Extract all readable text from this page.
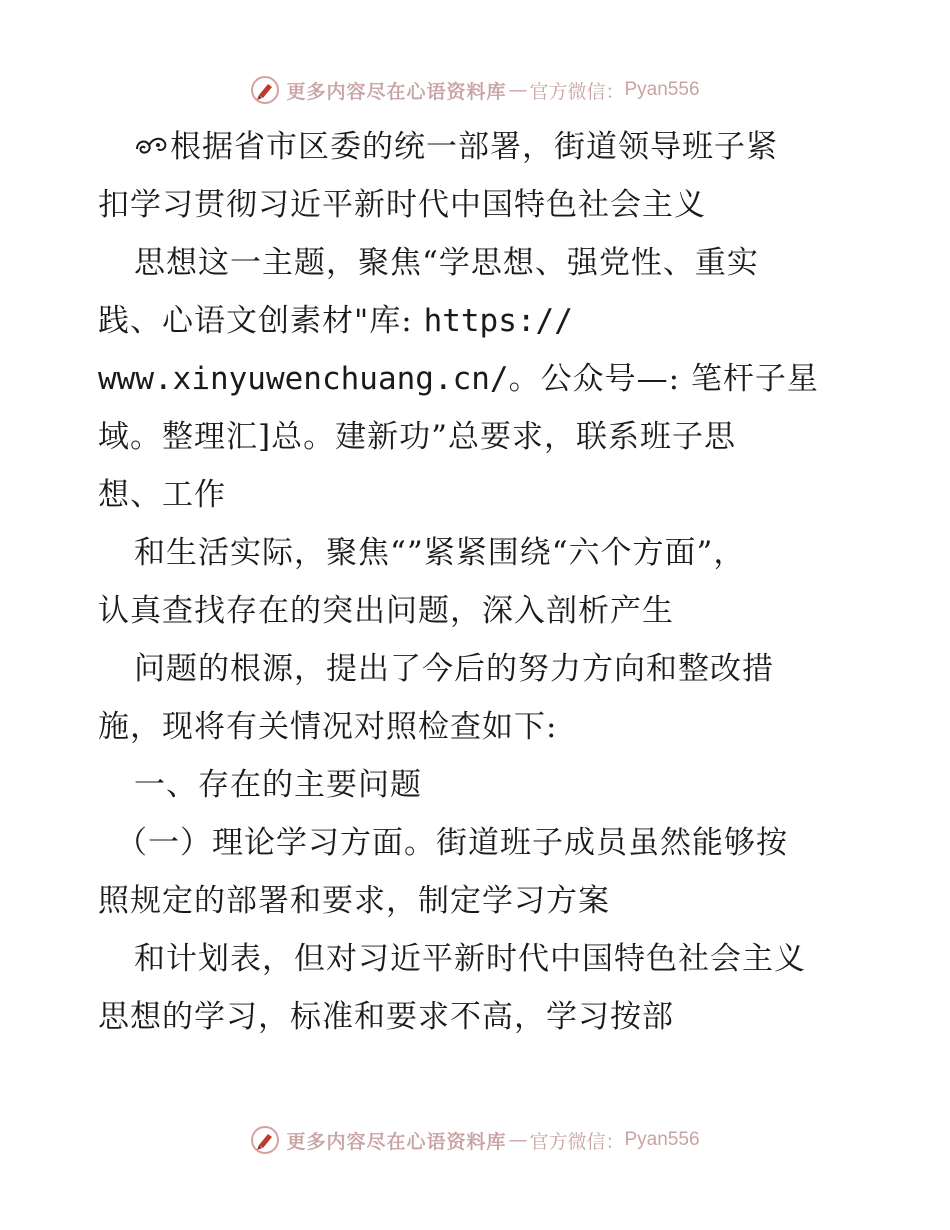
更多内容尽在心语资料库 — 官方微信： Pyan556
根据省市区委的统一部署，街道领导班子紧
扣学习贯彻习近平新时代中国特色社会主义
思想这一主题，聚焦“学思想、强党性、重实
践、心语文创素材"库: https://
www.xinyuwenchuang.cn/。公众号—: 笔杆子星
域。整理汇]总。建新功”总要求，联系班子思
想、工作
和生活实际，聚焦“”紧紧围绕“六个方面”，
认真查找存在的突出问题，深入剖析产生
问题的根源，提出了今后的努力方向和整改措
施，现将有关情况对照检查如下:
一、存在的主要问题
（一）理论学习方面。街道班子成员虽然能够按
照规定的部署和要求，制定学习方案
和计划表，但对习近平新时代中国特色社会主义
思想的学习，标准和要求不高，学习按部
更多内容尽在心语资料库 — 官方微信： Pyan556
